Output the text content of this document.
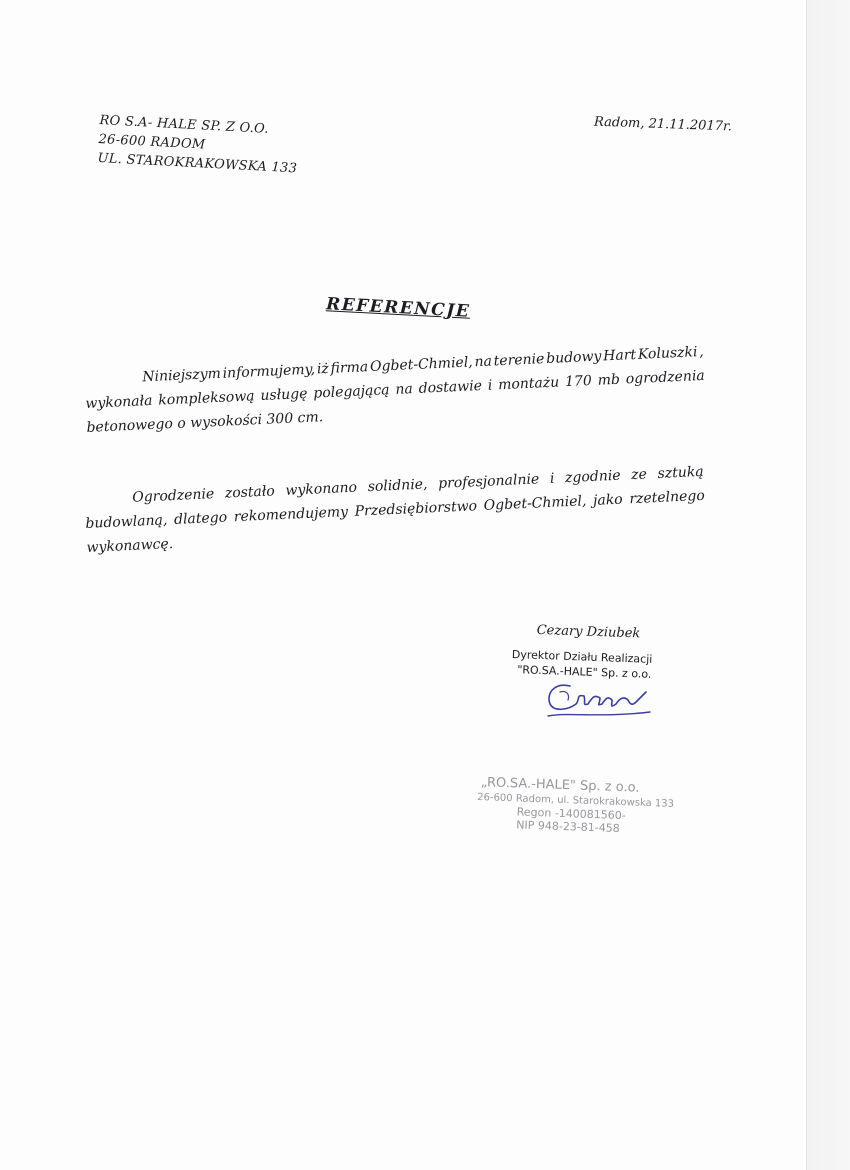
RO S.A- HALE SP. Z O.O.
26-600 RADOM
UL. STAROKRAKOWSKA 133
Radom, 21.11.2017r.
REFERENCJE
Niniejszym informujemy, iż firma Ogbet-Chmiel, na terenie budowy Hart Koluszki ,
wykonała kompleksową usługę polegającą na dostawie i montażu 170 mb ogrodzenia
betonowego o wysokości 300 cm.
Ogrodzenie zostało wykonano solidnie, profesjonalnie i zgodnie ze sztuką
budowlaną, dlatego rekomendujemy Przedsiębiorstwo Ogbet-Chmiel, jako rzetelnego
wykonawcę.
Cezary Dziubek
Dyrektor Działu Realizacji
"RO.SA.-HALE" Sp. z o.o.
„RO.SA.-HALE" Sp. z o.o.
26-600 Radom, ul. Starokrakowska 133
Regon -140081560-
NIP 948-23-81-458
